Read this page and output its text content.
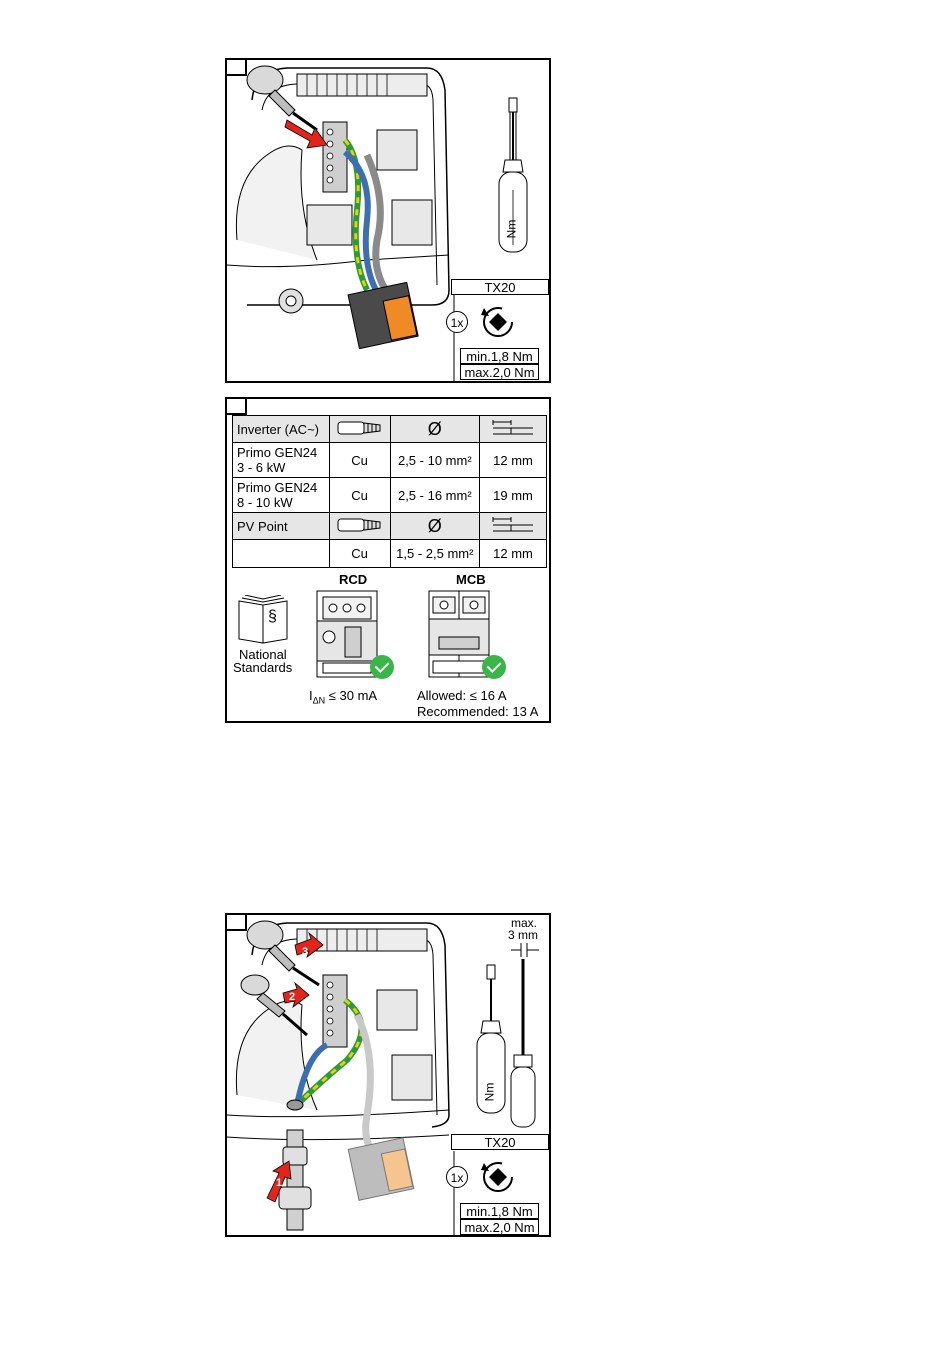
TX20
1x
Nm
min.1,8 Nm
max.2,0 Nm
Inverter (AC~)		Ø	
Primo GEN24
3 - 6 kW	Cu	2,5 - 10 mm²	12 mm
Primo GEN24
8 - 10 kW	Cu	2,5 - 16 mm²	19 mm
PV Point		Ø	
	Cu	1,5 - 2,5 mm²	12 mm
§
National
Standards
RCD
$I_{\Delta N} \le 30$ mA
MCB
Allowed: ≤ 16 A
Recommended: 13 A
3
2
1
max.
3 mm
Nm
TX20
1x
min.1,8 Nm
max.2,0 Nm
